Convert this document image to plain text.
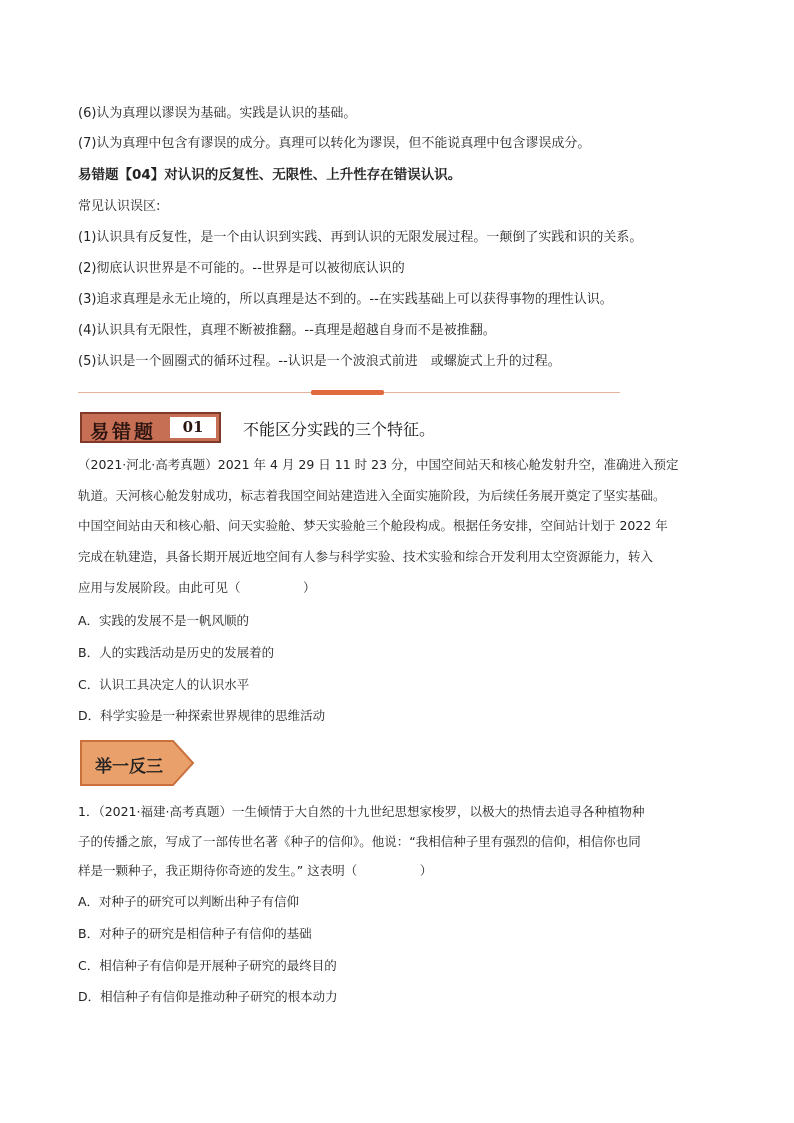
(6)认为真理以谬误为基础。实践是认识的基础。

(7)认为真理中包含有谬误的成分。真理可以转化为谬误，但不能说真理中包含谬误成分。

易错题【04】对认识的反复性、无限性、上升性存在错误认识。

常见认识误区:

(1)认识具有反复性，是一个由认识到实践、再到认识的无限发展过程。一颠倒了实践和识的关系。

(2)彻底认识世界是不可能的。--世界是可以被彻底认识的

(3)追求真理是永无止境的，所以真理是达不到的。--在实践基础上可以获得事物的理性认识。

(4)认识具有无限性，真理不断被推翻。--真理是超越自身而不是被推翻。

(5)认识是一个圆圈式的循环过程。--认识是一个波浪式前进　或螺旋式上升的过程。

易错题	01	不能区分实践的三个特征。

（2021·河北·高考真题）2021 年 4 月 29 日 11 时 23 分，中国空间站天和核心舱发射升空，准确进入预定

轨道。天河核心舱发射成功，标志着我国空间站建造进入全面实施阶段，为后续任务展开奠定了坚实基础。

中国空间站由天和核心船、问天实验舱、梦天实验舱三个舱段构成。根据任务安排，空间站计划于 2022 年

完成在轨建造，具备长期开展近地空间有人参与科学实验、技术实验和综合开发利用太空资源能力，转入

应用与发展阶段。由此可见（　　　　　）

A．实践的发展不是一帆风顺的

B．人的实践活动是历史的发展着的

C．认识工具决定人的认识水平

D．科学实验是一种探索世界规律的思维活动

举一反三

1．（2021·福建·高考真题）一生倾情于大自然的十九世纪思想家梭罗，以极大的热情去追寻各种植物种

子的传播之旅，写成了一部传世名著《种子的信仰》。他说：“我相信种子里有强烈的信仰，相信你也同

样是一颗种子，我正期待你奇迹的发生。” 这表明（　　　　　）

A．对种子的研究可以判断出种子有信仰

B．对种子的研究是相信种子有信仰的基础

C．相信种子有信仰是开展种子研究的最终目的

D．相信种子有信仰是推动种子研究的根本动力
